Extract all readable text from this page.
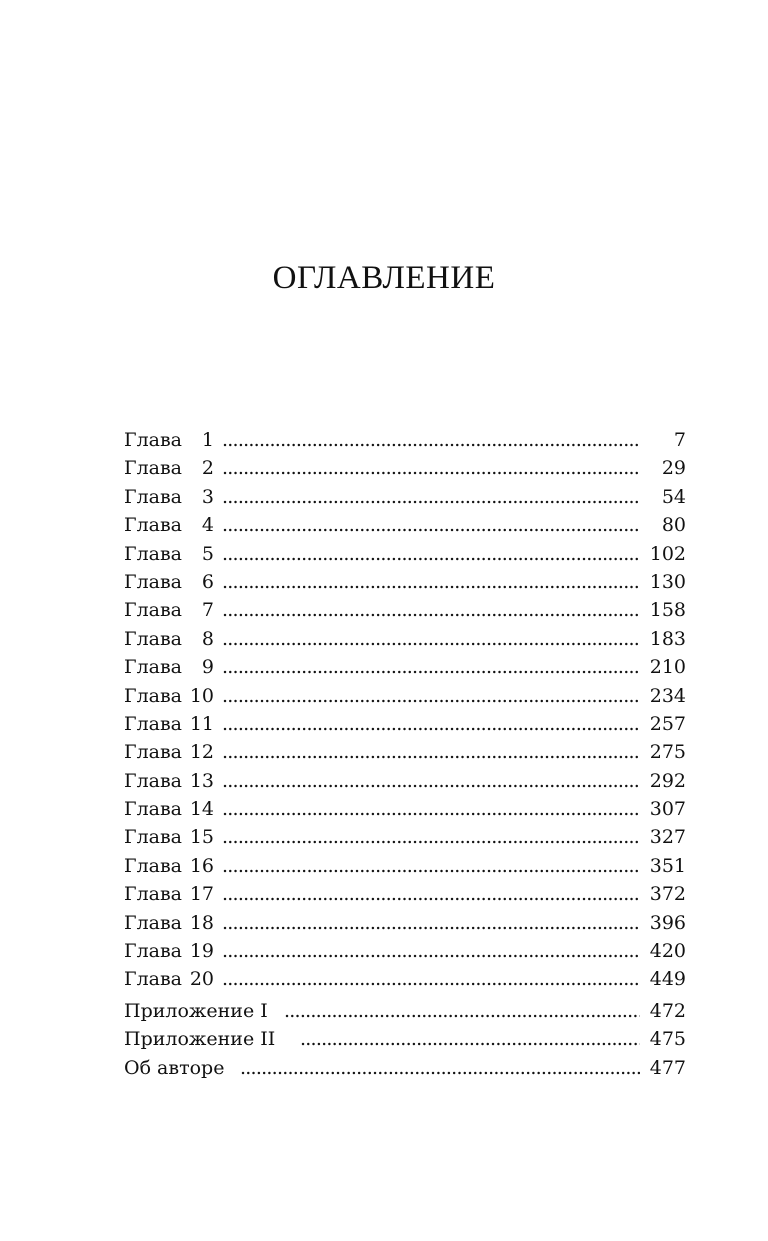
ОГЛАВЛЕНИЕ
Глава 1 . . .	7
Глава 2 . . .	29
Глава 3 . . .	54
Глава 4 . . .	80
Глава 5 . . .	102
Глава 6 . . .	130
Глава 7 . . .	158
Глава 8 . . .	183
Глава 9 . . .	210
Глава 10 . . .	234
Глава 11 . . .	257
Глава 12 . . .	275
Глава 13 . . .	292
Глава 14 . . .	307
Глава 15 . . .	327
Глава 16 . . .	351
Глава 17 . . .	372
Глава 18 . . .	396
Глава 19 . . .	420
Глава 20 . . .	449
Приложение I . . .	472
Приложение II . . .	475
Об авторе . . .	477
